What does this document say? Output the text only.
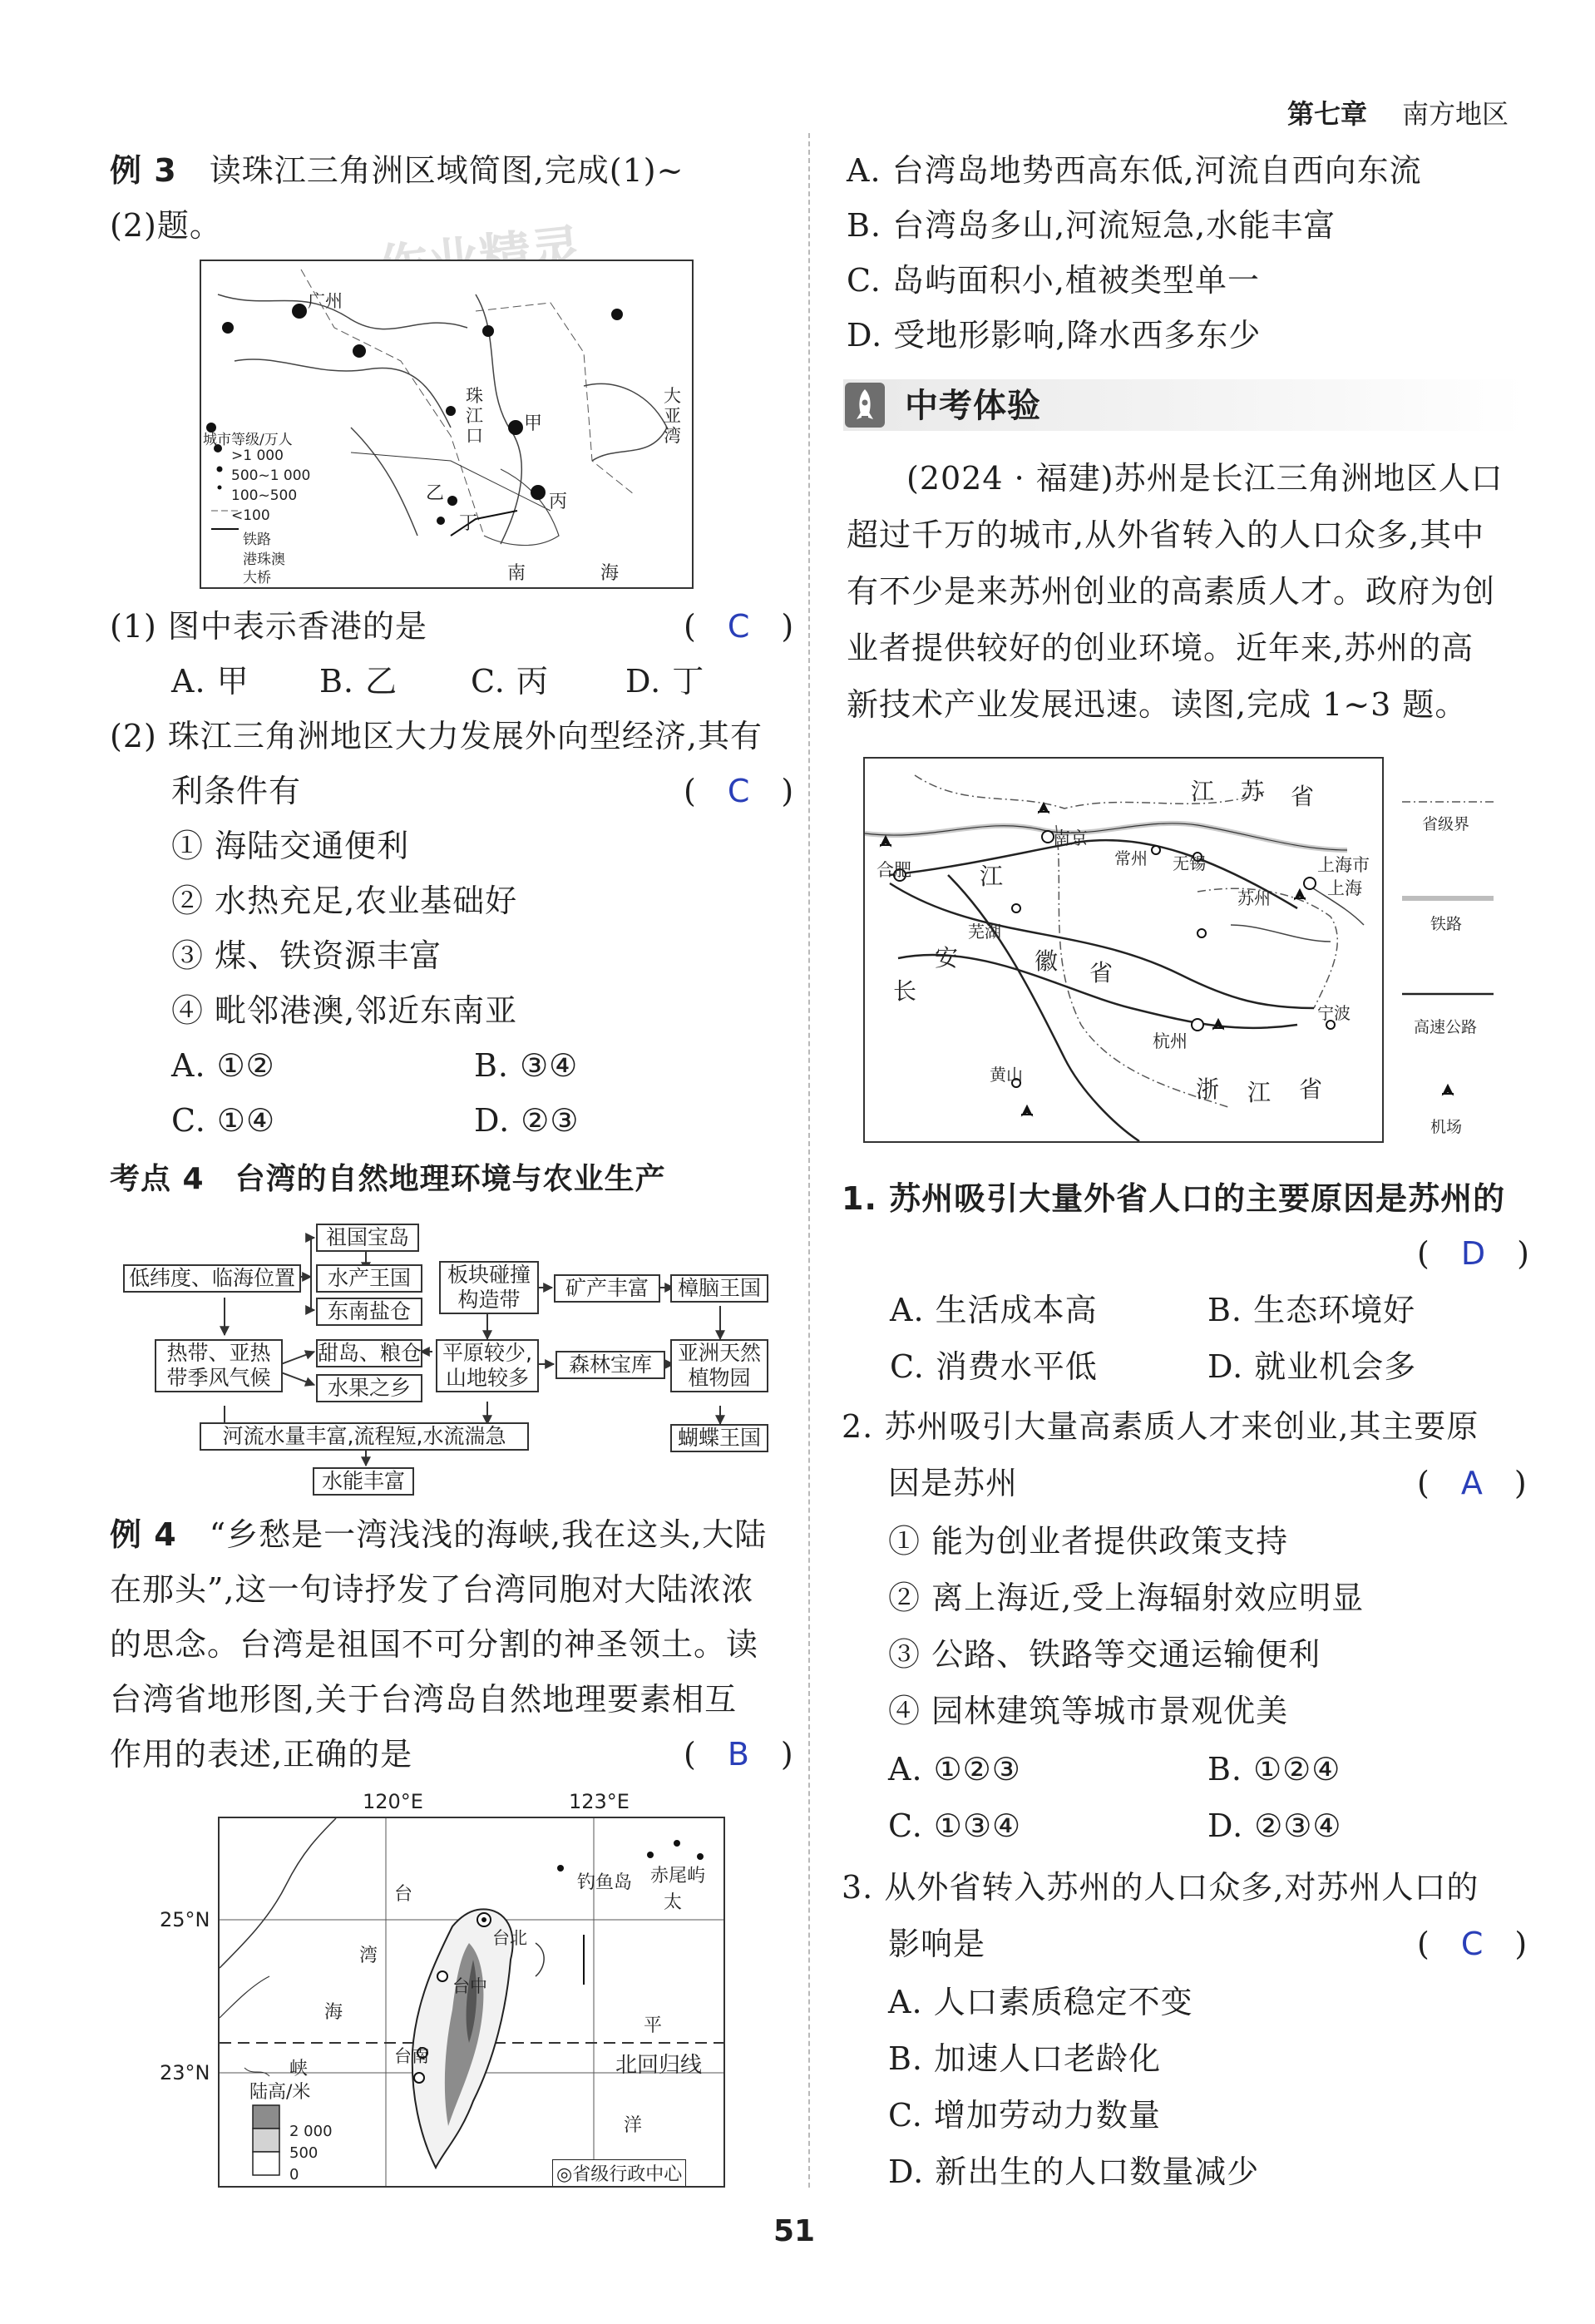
第七章 南方地区
例 3　 读珠江三角洲区域简图,完成(1)~
(2)题。
广州
甲
乙	丙
丁
珠江口
大亚湾
南	海
城市等级/万人
>1 000
500~1 000
100~500
<100
铁路
港珠澳
大桥
(1) 图中表示香港的是	(　C　)
A. 甲 B. 乙 C. 丙 D. 丁
(2) 珠江三角洲地区大力发展外向型经济,其有
利条件有	(　C　)
① 海陆交通便利
② 水热充足,农业基础好
③ 煤、铁资源丰富
④ 毗邻港澳,邻近东南亚
A. ①②	B. ③④
C. ①④	D. ②③
考点 4　台湾的自然地理环境与农业生产
祖国宝岛
低纬度、临海位置	水产王国
东南盐仓
板块碰撞
构造带	矿产丰富	樟脑王国
热带、亚热
带季风气候
甜岛、粮仓	平原较少,
山地较多
森林宝库	亚洲天然
植物园
水果之乡
河流水量丰富,流程短,水流湍急	蝴蝶王国
水能丰富
例 4　 “乡愁是一湾浅浅的海峡,我在这头,大陆
在那头”,这一句诗抒发了台湾同胞对大陆浓浓
的思念。台湾是祖国不可分割的神圣领土。读
台湾省地形图,关于台湾岛自然地理要素相互
作用的表述,正确的是	(　B　)
120°E	123°E
25°N
23°N
钓鱼岛 赤尾屿
台
湾
海
峡
台北
台中
台南
太
平
洋
北回归线
陆高/米
2 000
500
0	◎省级行政中心
A. 台湾岛地势西高东低,河流自西向东流
B. 台湾岛多山,河流短急,水能丰富
C. 岛屿面积小,植被类型单一
D. 受地形影响,降水西多东少
中考体验
(2024 · 福建)苏州是长江三角洲地区人口
超过千万的城市,从外省转入的人口众多,其中
有不少是来苏州创业的高素质人才。政府为创
业者提供较好的创业环境。近年来,苏州的高
新技术产业发展迅速。读图,完成 1~3 题。
江 苏 省
合肥
南京
常州 无锡	上海市
上海
苏州
芜湖
安	徽 省
长
江
杭州
宁波
黄山
浙 江 省
省级界
铁路
高速公路
机场
1. 苏州吸引大量外省人口的主要原因是苏州的
(　D　)
A. 生活成本高	B. 生态环境好
C. 消费水平低	D. 就业机会多
2. 苏州吸引大量高素质人才来创业,其主要原
因是苏州	(　A　)
① 能为创业者提供政策支持
② 离上海近,受上海辐射效应明显
③ 公路、铁路等交通运输便利
④ 园林建筑等城市景观优美
A. ①②③	B. ①②④
C. ①③④	D. ②③④
3. 从外省转入苏州的人口众多,对苏州人口的
影响是	(　C　)
A. 人口素质稳定不变
B. 加速人口老龄化
C. 增加劳动力数量
D. 新出生的人口数量减少
51
